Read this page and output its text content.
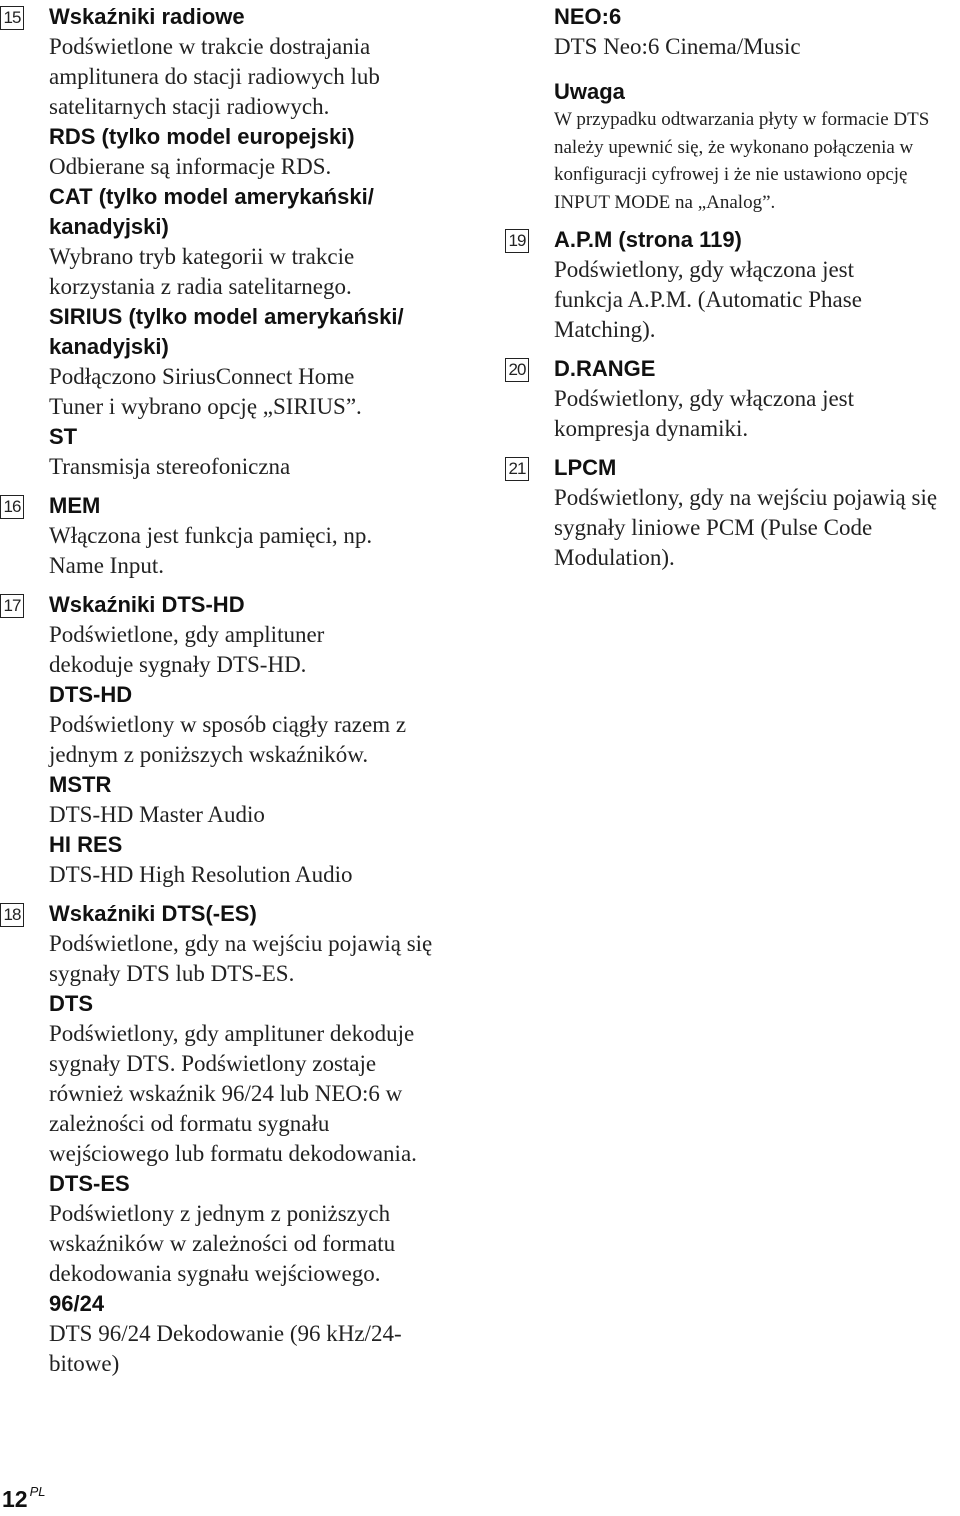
15 Wskaźniki radiowe
Podświetlone w trakcie dostrajania amplitunera do stacji radiowych lub satelitarnych stacji radiowych.
RDS (tylko model europejski)
Odbierane są informacje RDS.
CAT (tylko model amerykański/ kanadyjski)
Wybrano tryb kategorii w trakcie korzystania z radia satelitarnego.
SIRIUS (tylko model amerykański/ kanadyjski)
Podłączono SiriusConnect Home Tuner i wybrano opcję „SIRIUS”.
ST
Transmisja stereofoniczna
16 MEM
Włączona jest funkcja pamięci, np. Name Input.
17 Wskaźniki DTS-HD
Podświetlone, gdy amplituner dekoduje sygnały DTS-HD.
DTS-HD
Podświetlony w sposób ciągły razem z jednym z poniższych wskaźników.
MSTR
DTS-HD Master Audio
HI RES
DTS-HD High Resolution Audio
18 Wskaźniki DTS(-ES)
Podświetlone, gdy na wejściu pojawią się sygnały DTS lub DTS-ES.
DTS
Podświetlony, gdy amplituner dekoduje sygnały DTS. Podświetlony zostaje również wskaźnik 96/24 lub NEO:6 w zależności od formatu sygnału wejściowego lub formatu dekodowania.
DTS-ES
Podświetlony z jednym z poniższych wskaźników w zależności od formatu dekodowania sygnału wejściowego.
96/24
DTS 96/24 Dekodowanie (96 kHz/24-bitowe)
NEO:6
DTS Neo:6 Cinema/Music
Uwaga
W przypadku odtwarzania płyty w formacie DTS należy upewnić się, że wykonano połączenia w konfiguracji cyfrowej i że nie ustawiono opcję INPUT MODE na „Analog”.
19 A.P.M (strona 119)
Podświetlony, gdy włączona jest funkcja A.P.M. (Automatic Phase Matching).
20 D.RANGE
Podświetlony, gdy włączona jest kompresja dynamiki.
21 LPCM
Podświetlony, gdy na wejściu pojawią się sygnały liniowe PCM (Pulse Code Modulation).
12 $^{PL}$
